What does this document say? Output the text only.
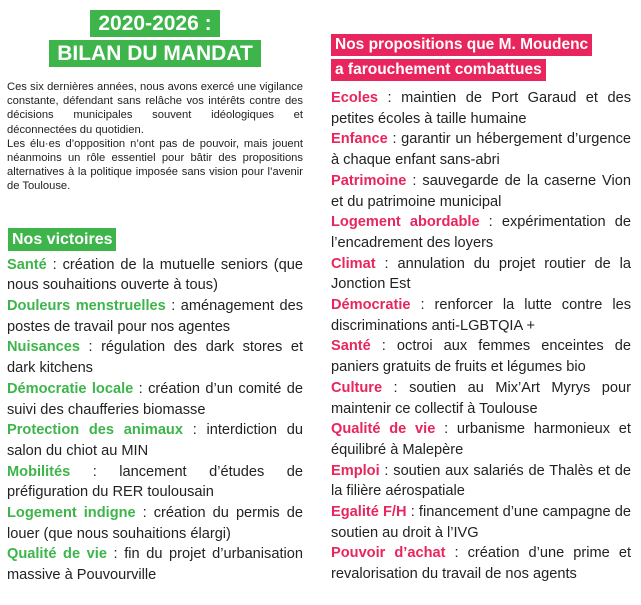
2020-2026 :
BILAN DU MANDAT

Ces six dernières années, nous avons exercé une vigilance constante, défendant sans relâche vos intérêts contre des décisions municipales souvent idéologiques et déconnectées du quotidien.

Les élu·es d’opposition n’ont pas de pouvoir, mais jouent néanmoins un rôle essentiel pour bâtir des propositions alternatives à la politique imposée sans vision pour l’avenir de Toulouse.

Nos victoires
Santé : création de la mutuelle seniors (que nous souhaitions ouverte à tous)
Douleurs menstruelles : aménagement des postes de travail pour nos agentes
Nuisances : régulation des dark stores et dark kitchens
Démocratie locale : création d’un comité de suivi des chaufferies biomasse
Protection des animaux : interdiction du salon du chiot au MIN
Mobilités : lancement d’études de préfiguration du RER toulousain
Logement indigne : création du permis de louer (que nous souhaitions élargi)
Qualité de vie : fin du projet d’urbanisation massive à Pouvourville
Nos propositions que M. Moudenc
a farouchement combattues
Ecoles : maintien de Port Garaud et des petites écoles à taille humaine
Enfance : garantir un hébergement d’urgence à chaque enfant sans-abri
Patrimoine : sauvegarde de la caserne Vion et du patrimoine municipal
Logement abordable : expérimentation de l’encadrement des loyers
Climat : annulation du projet routier de la Jonction Est
Démocratie : renforcer la lutte contre les discriminations anti-LGBTQIA +
Santé : octroi aux femmes enceintes de paniers gratuits de fruits et légumes bio
Culture : soutien au Mix’Art Myrys pour maintenir ce collectif à Toulouse
Qualité de vie : urbanisme harmonieux et équilibré à Malepère
Emploi : soutien aux salariés de Thalès et de la filière aérospatiale
Egalité F/H : financement d’une campagne de soutien au droit à l’IVG
Pouvoir d’achat : création d’une prime et revalorisation du travail de nos agents
